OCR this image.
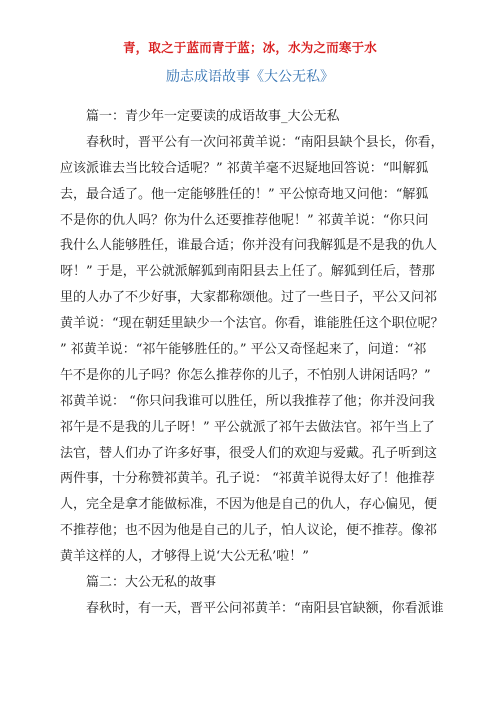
青，取之于蓝而青于蓝；冰，水为之而寒于水
励志成语故事《大公无私》
篇一：青少年一定要读的成语故事_大公无私
春秋时，晋平公有一次问祁黄羊说：“南阳县缺个县长，你看，
应该派谁去当比较合适呢？” 祁黄羊毫不迟疑地回答说：“叫解狐
去，最合适了。他一定能够胜任的！” 平公惊奇地又问他：“解狐
不是你的仇人吗？你为什么还要推荐他呢！” 祁黄羊说：“你只问
我什么人能够胜任，谁最合适；你并没有问我解狐是不是我的仇人
呀！” 于是，平公就派解狐到南阳县去上任了。解狐到任后，替那
里的人办了不少好事，大家都称颂他。过了一些日子，平公又问祁
黄羊说：“现在朝廷里缺少一个法官。你看，谁能胜任这个职位呢？
” 祁黄羊说：“祁午能够胜任的。” 平公又奇怪起来了，问道：“祁
午不是你的儿子吗？你怎么推荐你的儿子，不怕别人讲闲话吗？”
祁黄羊说： “你只问我谁可以胜任，所以我推荐了他；你并没问我
祁午是不是我的儿子呀！” 平公就派了祁午去做法官。祁午当上了
法官，替人们办了许多好事，很受人们的欢迎与爱戴。孔子听到这
两件事，十分称赞祁黄羊。孔子说： “祁黄羊说得太好了！他推荐
人，完全是拿才能做标准，不因为他是自己的仇人，存心偏见，便
不推荐他；也不因为他是自己的儿子，怕人议论，便不推荐。像祁
黄羊这样的人，才够得上说‘大公无私’啦！”
篇二：大公无私的故事
春秋时，有一天，晋平公问祁黄羊：“南阳县官缺额，你看派谁
